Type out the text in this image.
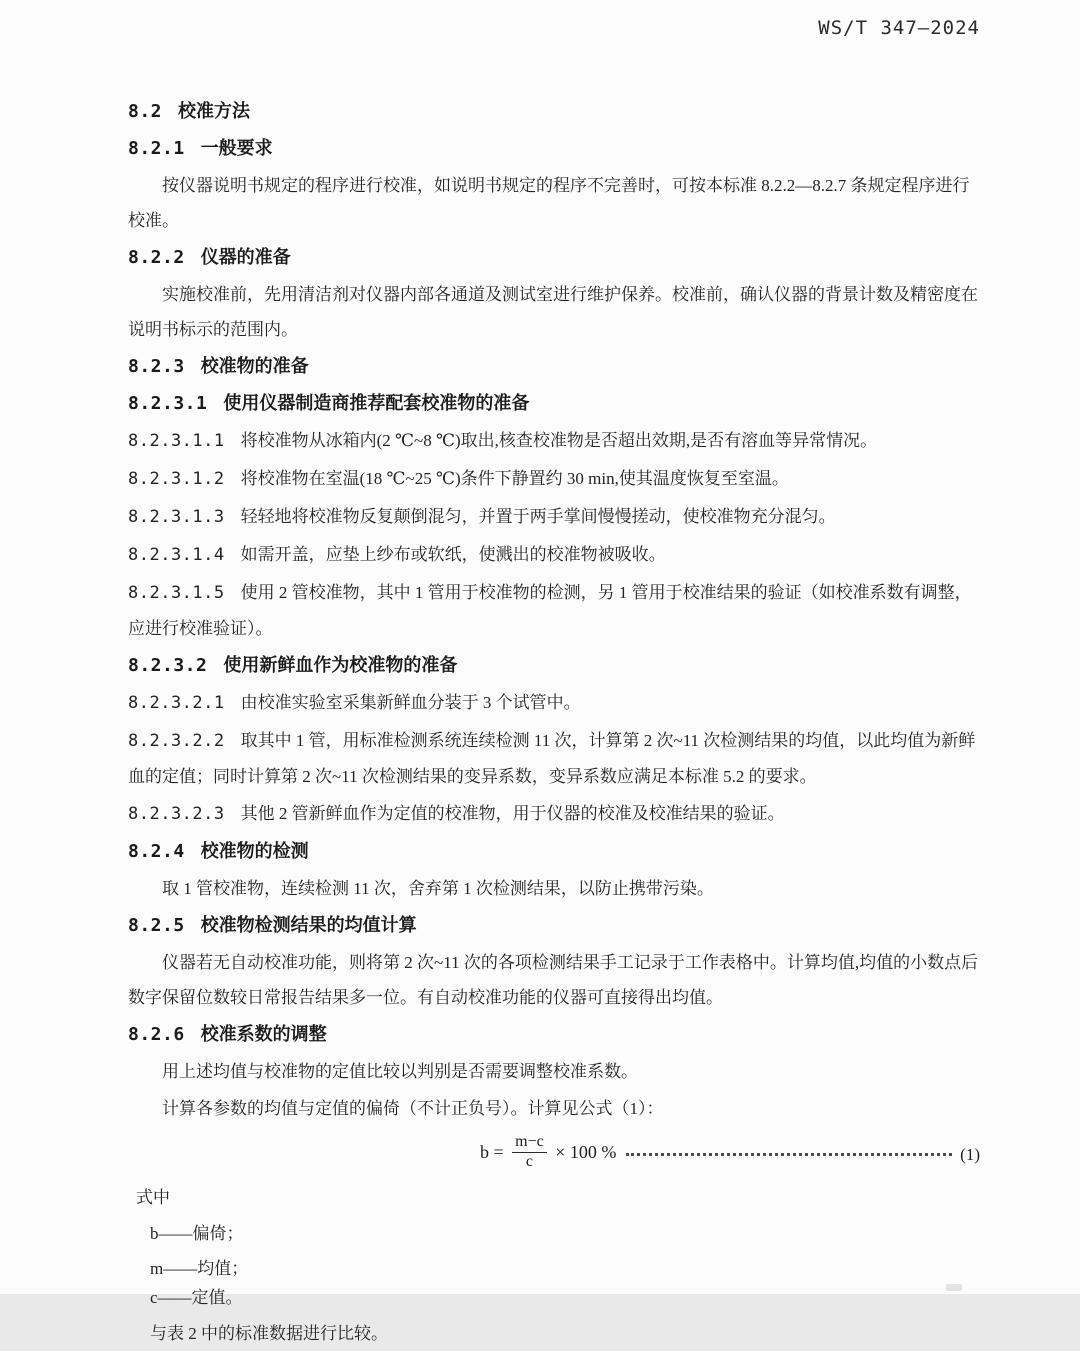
WS/T 347—2024
8.2 校准方法
8.2.1 一般要求

按仪器说明书规定的程序进行校准，如说明书规定的程序不完善时，可按本标准 8.2.2—8.2.7 条规定程序进行校准。

8.2.2 仪器的准备

实施校准前，先用清洁剂对仪器内部各通道及测试室进行维护保养。校准前，确认仪器的背景计数及精密度在说明书标示的范围内。

8.2.3 校准物的准备
8.2.3.1 使用仪器制造商推荐配套校准物的准备

8.2.3.1.1 将校准物从冰箱内(2 ℃~8 ℃)取出,核查校准物是否超出效期,是否有溶血等异常情况。

8.2.3.1.2 将校准物在室温(18 ℃~25 ℃)条件下静置约 30 min,使其温度恢复至室温。

8.2.3.1.3 轻轻地将校准物反复颠倒混匀，并置于两手掌间慢慢搓动，使校准物充分混匀。

8.2.3.1.4 如需开盖，应垫上纱布或软纸，使溅出的校准物被吸收。

8.2.3.1.5 使用 2 管校准物，其中 1 管用于校准物的检测，另 1 管用于校准结果的验证（如校准系数有调整，应进行校准验证）。

8.2.3.2 使用新鲜血作为校准物的准备

8.2.3.2.1 由校准实验室采集新鲜血分装于 3 个试管中。

8.2.3.2.2 取其中 1 管，用标准检测系统连续检测 11 次，计算第 2 次~11 次检测结果的均值，以此均值为新鲜血的定值；同时计算第 2 次~11 次检测结果的变异系数，变异系数应满足本标准 5.2 的要求。

8.2.3.2.3 其他 2 管新鲜血作为定值的校准物，用于仪器的校准及校准结果的验证。

8.2.4 校准物的检测

取 1 管校准物，连续检测 11 次，舍弃第 1 次检测结果，以防止携带污染。

8.2.5 校准物检测结果的均值计算

仪器若无自动校准功能，则将第 2 次~11 次的各项检测结果手工记录于工作表格中。计算均值,均值的小数点后数字保留位数较日常报告结果多一位。有自动校准功能的仪器可直接得出均值。

8.2.6 校准系数的调整

用上述均值与校准物的定值比较以判别是否需要调整校准系数。

计算各参数的均值与定值的偏倚（不计正负号）。计算见公式（1）：

$b = \frac{m-c}{c} \times 100$ %	(1)

式中

b——偏倚；

m——均值；

c——定值。

与表 2 中的标准数据进行比较。
